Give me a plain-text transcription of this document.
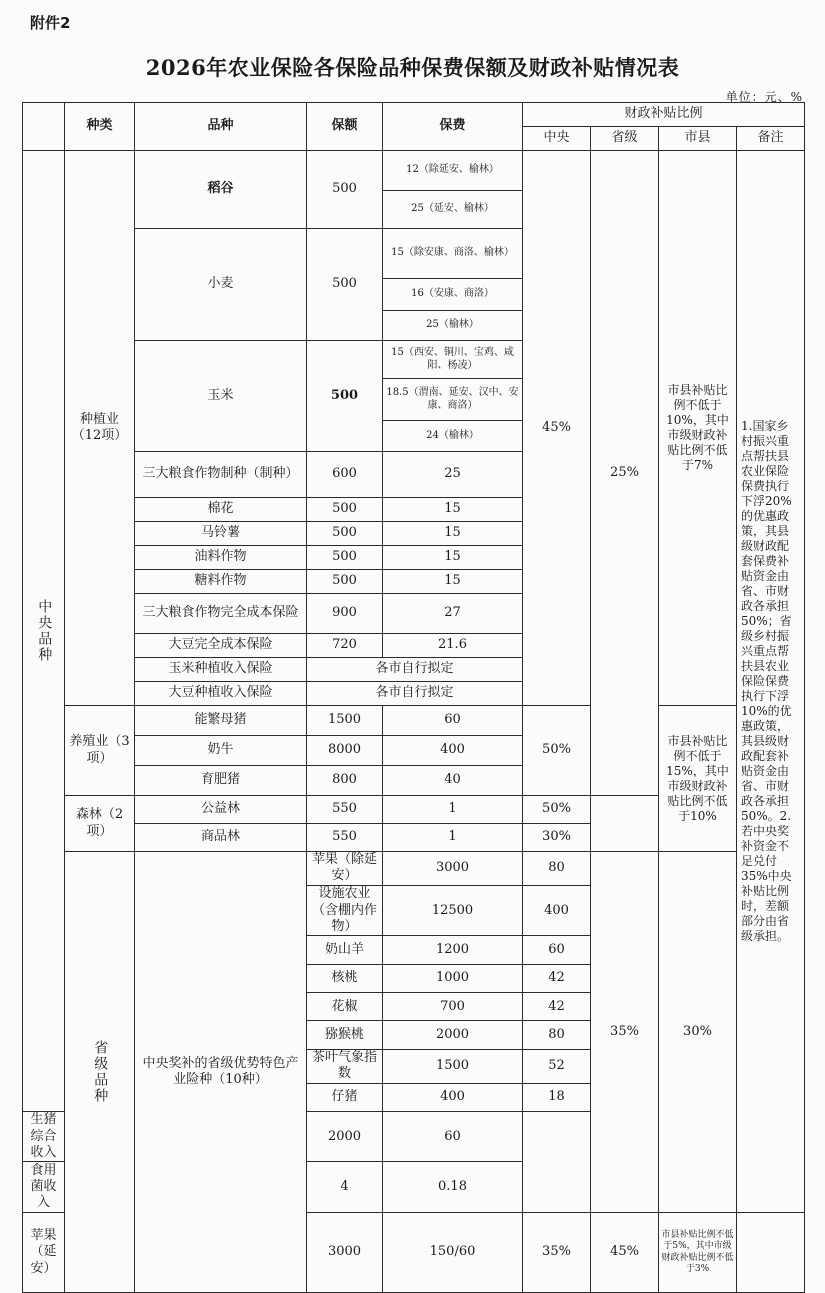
附件2
2026年农业保险各保险品种保费保额及财政补贴情况表
单位：元、%
	种类	品种	保额	保费	财政补贴比例				
					中央	省级	市县	备注	
中央品种	种植业（12项）	稻谷	500	12（除延安、榆林）	45%	25%	市县补贴比例不低于10%，其中市级财政补贴比例不低于7%	1.国家乡村振兴重点帮扶县农业保险保费执行下浮20%的优惠政策，其县级财政配套保费补贴资金由省、市财政各承担50%；省级乡村振兴重点帮扶县农业保险保费执行下浮10%的优惠政策，其县级财政配套补贴资金由省、市财政各承担50%。2.若中央奖补资金不足兑付35%中央补贴比例时，差额部分由省级承担。	
				25（延安、榆林）					
		小麦	500	15（除安康、商洛、榆林）					
				16（安康、商洛）					
				25（榆林）					
		玉米	500	15（西安、铜川、宝鸡、咸阳、杨凌）					
				18.5（渭南、延安、汉中、安康、商洛）					
				24（榆林）					
		三大粮食作物制种（制种）	600	25					
		棉花	500	15					
		马铃薯	500	15					
		油料作物	500	15					
		糖料作物	500	15					
		三大粮食作物完全成本保险	900	27					
		大豆完全成本保险	720	21.6					
		玉米种植收入保险	各市自行拟定						
		大豆种植收入保险	各市自行拟定						
	养殖业（3项）	能繁母猪	1500	60	50%		市县补贴比例不低于15%，其中市级财政补贴比例不低于10%		
		奶牛	8000	400					
		育肥猪	800	40					
	森林（2项）	公益林	550	1	50%				
		商品林	550	1	30%				
	省级品种	中央奖补的省级优势特色产业险种（10种）	苹果（除延安）	3000	80	35%	30%	
			设施农业（含棚内作物）	12500	400				
			奶山羊	1200	60				
			核桃	1000	42				
			花椒	700	42				
			猕猴桃	2000	80				
			茶叶气象指数	1500	52				
			仔猪	400	18				
生猪综合收入			2000	60					
食用菌收入			4	0.18					
苹果（延安）			3000	150/60	35%	45%	市县补贴比例不低于5%，其中市级财政补贴比例不低于3%		
